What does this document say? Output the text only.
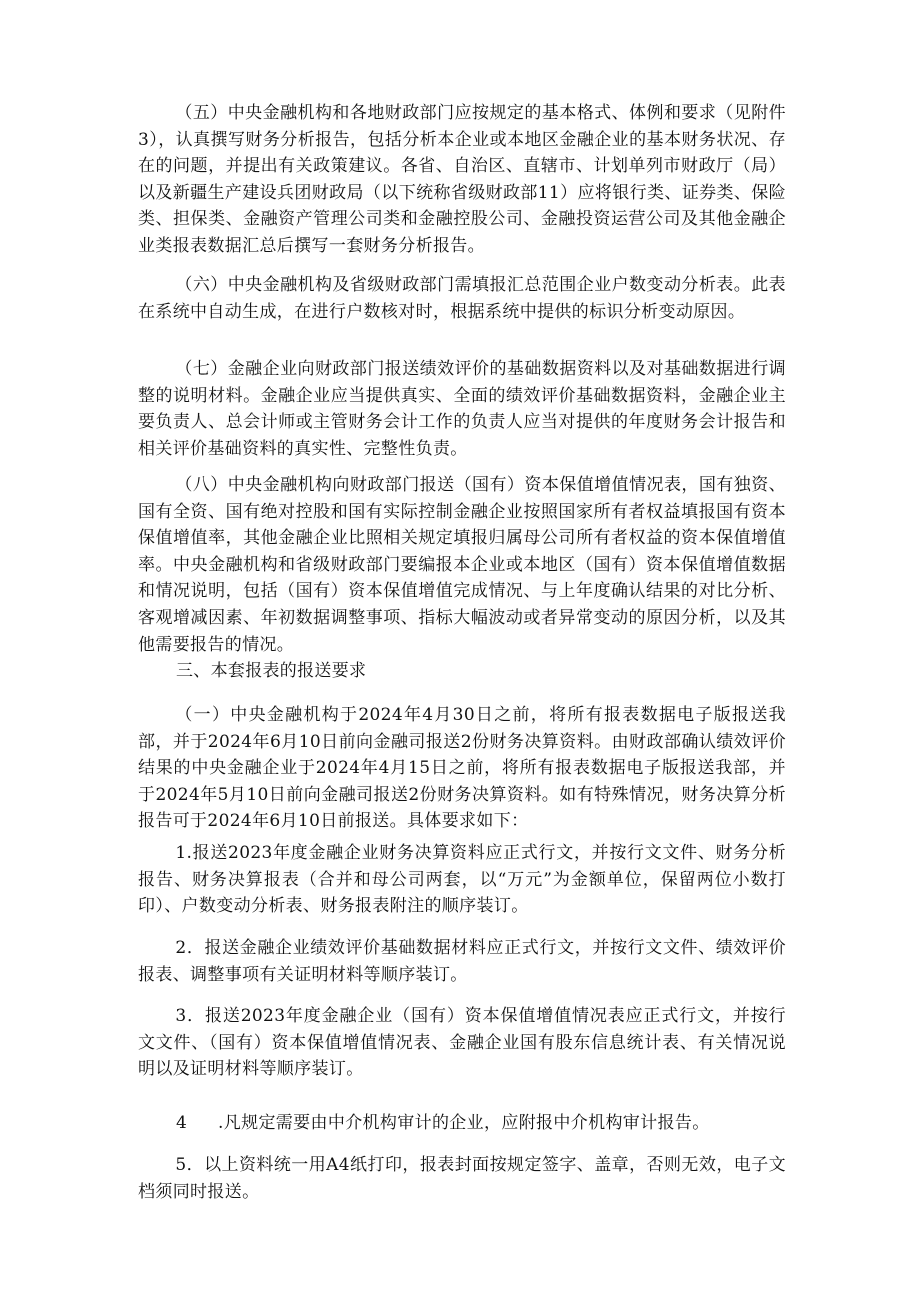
（五）中央金融机构和各地财政部门应按规定的基本格式、体例和要求（见附件3），认真撰写财务分析报告，包括分析本企业或本地区金融企业的基本财务状况、存在的问题，并提出有关政策建议。各省、自治区、直辖市、计划单列市财政厅（局）以及新疆生产建设兵团财政局（以下统称省级财政部11）应将银行类、证券类、保险类、担保类、金融资产管理公司类和金融控股公司、金融投资运营公司及其他金融企业类报表数据汇总后撰写一套财务分析报告。

（六）中央金融机构及省级财政部门需填报汇总范围企业户数变动分析表。此表在系统中自动生成，在进行户数核对时，根据系统中提供的标识分析变动原因。

（七）金融企业向财政部门报送绩效评价的基础数据资料以及对基础数据进行调整的说明材料。金融企业应当提供真实、全面的绩效评价基础数据资料，金融企业主要负责人、总会计师或主管财务会计工作的负责人应当对提供的年度财务会计报告和相关评价基础资料的真实性、完整性负责。

（八）中央金融机构向财政部门报送（国有）资本保值增值情况表，国有独资、国有全资、国有绝对控股和国有实际控制金融企业按照国家所有者权益填报国有资本保值增值率，其他金融企业比照相关规定填报归属母公司所有者权益的资本保值增值率。中央金融机构和省级财政部门要编报本企业或本地区（国有）资本保值增值数据和情况说明，包括（国有）资本保值增值完成情况、与上年度确认结果的对比分析、客观增减因素、年初数据调整事项、指标大幅波动或者异常变动的原因分析，以及其他需要报告的情况。

三、本套报表的报送要求

（一）中央金融机构于2024年4月30日之前，将所有报表数据电子版报送我部，并于2024年6月10日前向金融司报送2份财务决算资料。由财政部确认绩效评价结果的中央金融企业于2024年4月15日之前，将所有报表数据电子版报送我部，并于2024年5月10日前向金融司报送2份财务决算资料。如有特殊情况，财务决算分析报告可于2024年6月10日前报送。具体要求如下：

1.报送2023年度金融企业财务决算资料应正式行文，并按行文文件、财务分析报告、财务决算报表（合并和母公司两套，以“万元”为金额单位，保留两位小数打印）、户数变动分析表、财务报表附注的顺序装订。

2．报送金融企业绩效评价基础数据材料应正式行文，并按行文文件、绩效评价报表、调整事项有关证明材料等顺序装订。

3．报送2023年度金融企业（国有）资本保值增值情况表应正式行文，并按行文文件、（国有）资本保值增值情况表、金融企业国有股东信息统计表、有关情况说明以及证明材料等顺序装订。

4 .凡规定需要由中介机构审计的企业，应附报中介机构审计报告。

5．以上资料统一用A4纸打印，报表封面按规定签字、盖章，否则无效，电子文档须同时报送。
